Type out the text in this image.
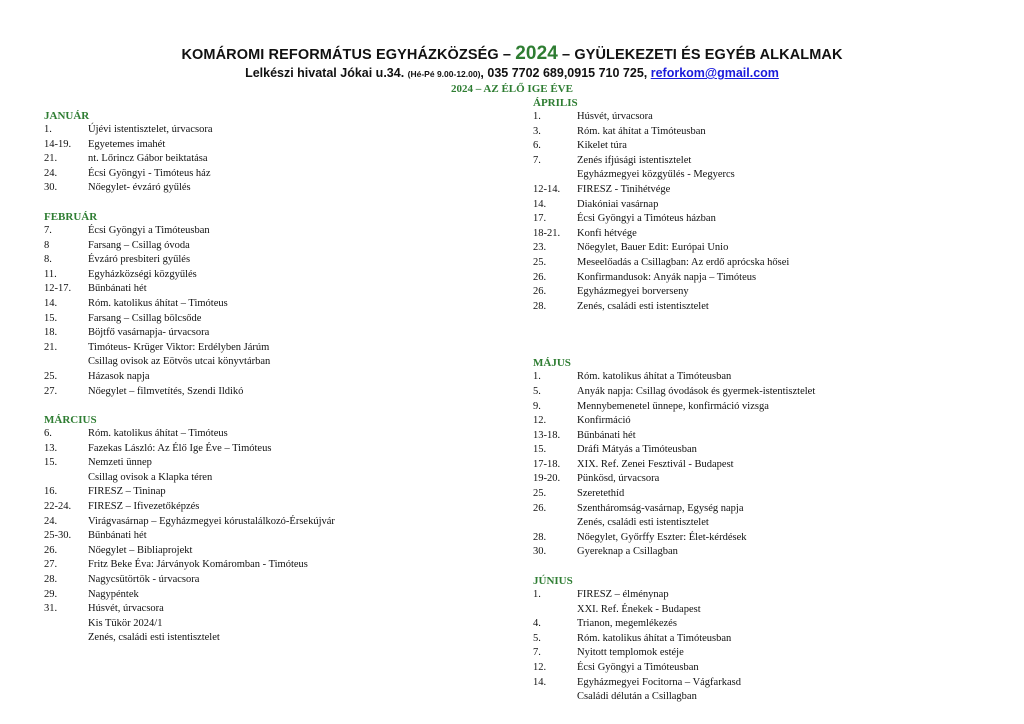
KOMÁROMI REFORMÁTUS EGYHÁZKÖZSÉG – 2024 – GYÜLEKEZETI ÉS EGYÉB ALKALMAK
Lelkészi hivatal Jókai u.34. (Hé-Pé 9.00-12.00), 035 7702 689,0915 710 725, reforkom@gmail.com
2024 – AZ ÉLŐ IGE ÉVE
JANUÁR
1.	Újévi istentisztelet, úrvacsora
14-19. Egyetemes imahét
21.	nt. Lőrincz Gábor beiktatása
24.	Écsi Gyöngyi - Timóteus ház
30.	Nőegylet- évzáró gyűlés
FEBRUÁR
7.	Écsi Gyöngyi a Timóteusban
8	Farsang – Csillag óvoda
8.	Évzáró presbiteri gyűlés
11.	Egyházközségi közgyűlés
12-17. Bűnbánati hét
14.	Róm. katolikus áhítat – Timóteus
15.	Farsang – Csillag bölcsőde
18.	Böjtfő vasárnapja- úrvacsora
21.	Timóteus- Krüger Viktor: Erdélyben Járúm
Csillag ovisok az Eötvös utcai könyvtárban
25.	Házasok napja
27.	Nőegylet – filmvetítés, Szendi Ildikó
MÁRCIUS
6.	Róm. katolikus áhítat – Timóteus
13.	Fazekas László: Az Élő Ige Éve – Timóteus
15.	Nemzeti ünnep
Csillag ovisok a Klapka téren
16.	FIRESZ – Tininap
22-24. FIRESZ – Ifivezetőképzés
24.	Virágvasárnap – Egyházmegyei kórustalálkozó-Érsekújvár
25-30. Bűnbánati hét
26.	Nőegylet – Bibliaprojekt
27.	Fritz Beke Éva: Járványok Komáromban - Timóteus
28.	Nagycsütörtök - úrvacsora
29.	Nagypéntek
31.	Húsvét, úrvacsora
Kis Tükör 2024/1
Zenés, családi esti istentisztelet
ÁPRILIS
1.	Húsvét, úrvacsora
3.	Róm. kat áhítat a Timóteusban
6.	Kikelet túra
7.	Zenés ifjúsági istentisztelet
Egyházmegyei közgyűlés - Megyercs
12-14. FIRESZ - Tinihétvége
14.	Diakóniai vasárnap
17.	Écsi Gyöngyi a Timóteus házban
18-21. Konfi hétvége
23.	Nőegylet, Bauer Edit: Európai Unio
25.	Meseelőadás a Csillagban: Az erdő aprócska hősei
26.	Konfirmandusok: Anyák napja – Timóteus
26.	Egyházmegyei borverseny
28.	Zenés, családi esti istentisztelet
MÁJUS
1.	Róm. katolikus áhítat a Timóteusban
5.	Anyák napja: Csillag óvodások és gyermek-istentisztelet
9.	Mennybemenetel ünnepe, konfirmáció vizsga
12.	Konfirmáció
13-18. Bűnbánati hét
15.	Dráfi Mátyás a Timóteusban
17-18. XIX. Ref. Zenei Fesztivál - Budapest
19-20. Pünkösd, úrvacsora
25.	Szeretethíd
26.	Szentháromság-vasárnap, Egység napja
Zenés, családi esti istentisztelet
28.	Nőegylet, Győrffy Eszter: Élet-kérdések
30.	Gyereknap a Csillagban
JÚNIUS
1.	FIRESZ – élménynap
XXI. Ref. Énekek - Budapest
4.	Trianon, megemlékezés
5.	Róm. katolikus áhítat a Timóteusban
7.	Nyitott templomok estéje
12.	Écsi Gyöngyi a Timóteusban
14.	Egyházmegyei Focitorna – Vágfarkasd
Családi délután a Csillagban
